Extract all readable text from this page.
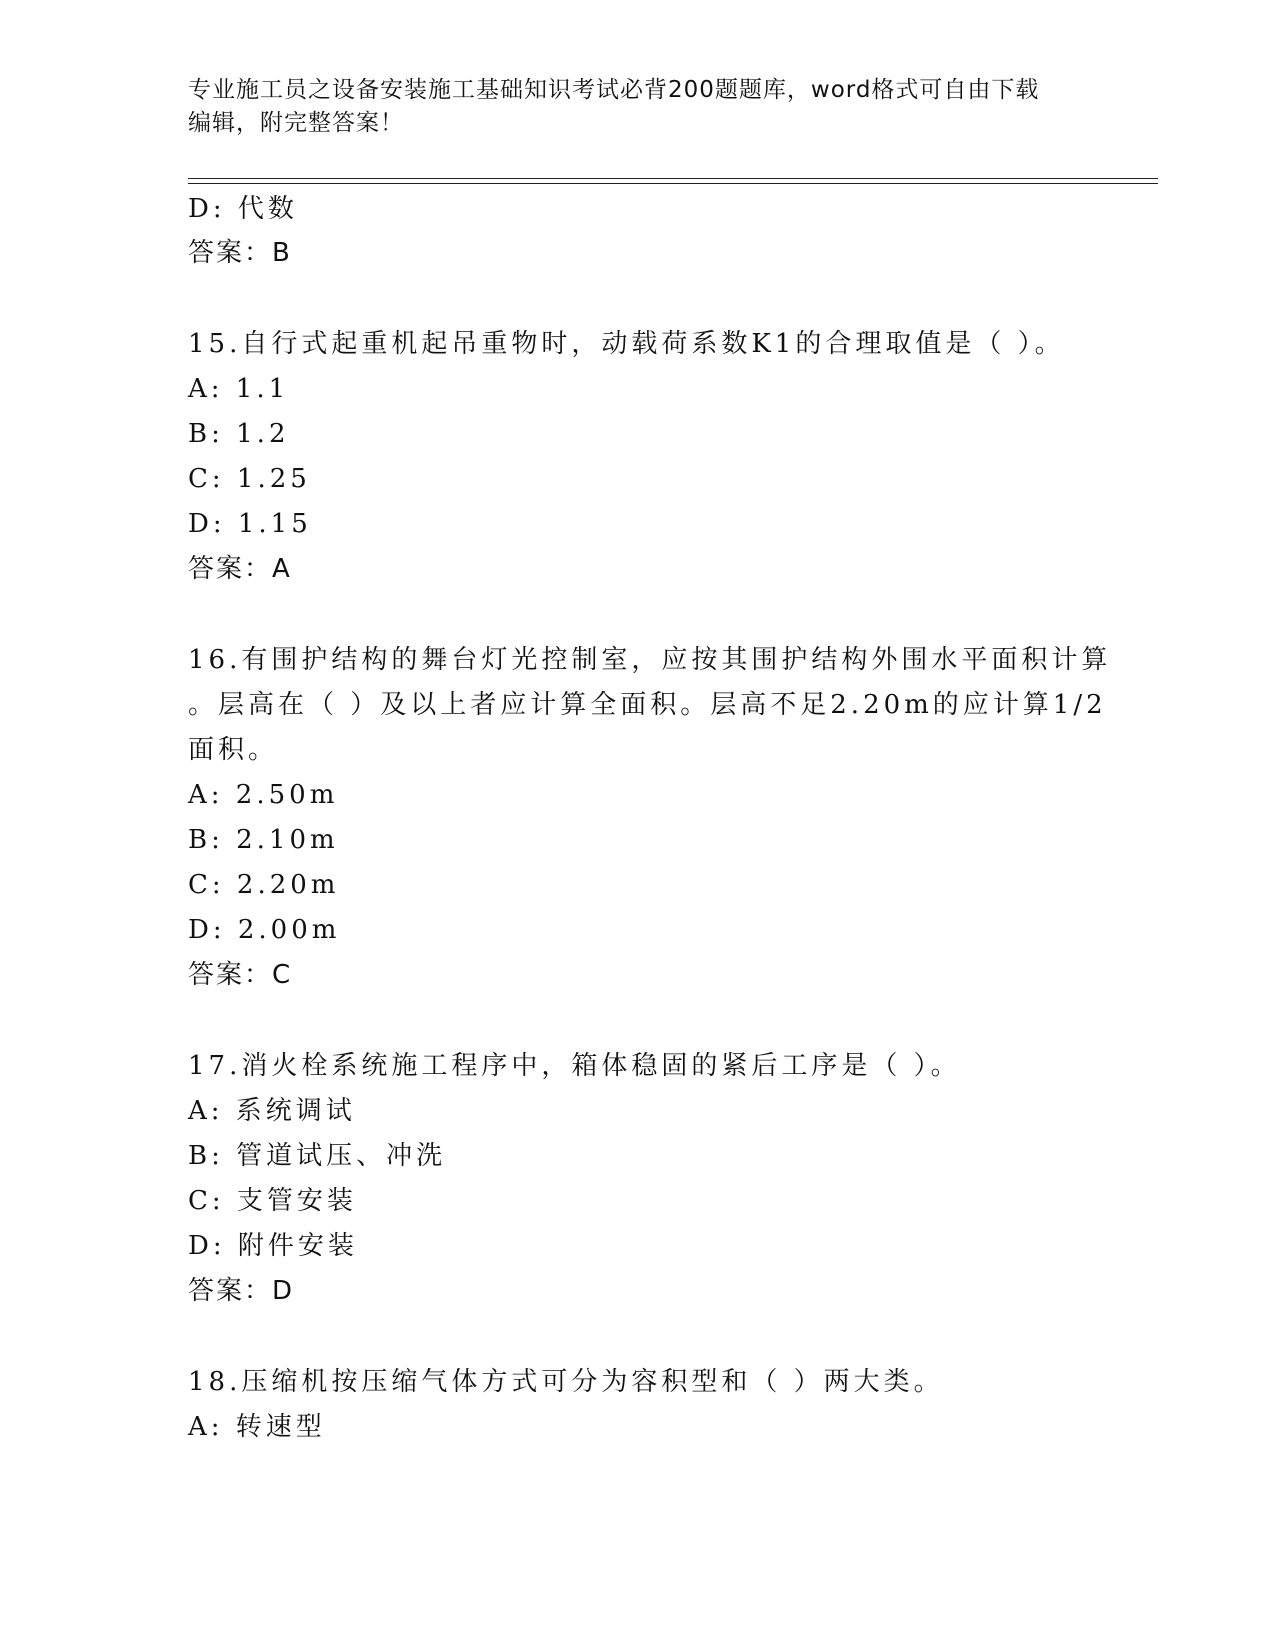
专业施工员之设备安装施工基础知识考试必背200题题库，word格式可自由下载
编辑，附完整答案！
D: 代数
答案：B
15.自行式起重机起吊重物时，动载荷系数K1的合理取值是（ ）。
A: 1.1
B: 1.2
C: 1.25
D: 1.15
答案：A
16.有围护结构的舞台灯光控制室，应按其围护结构外围水平面积计算
。层高在（ ）及以上者应计算全面积。层高不足2.20m的应计算1/2
面积。
A: 2.50m
B: 2.10m
C: 2.20m
D: 2.00m
答案：C
17.消火栓系统施工程序中，箱体稳固的紧后工序是（ ）。
A: 系统调试
B: 管道试压、冲洗
C: 支管安装
D: 附件安装
答案：D
18.压缩机按压缩气体方式可分为容积型和（ ）两大类。
A: 转速型
